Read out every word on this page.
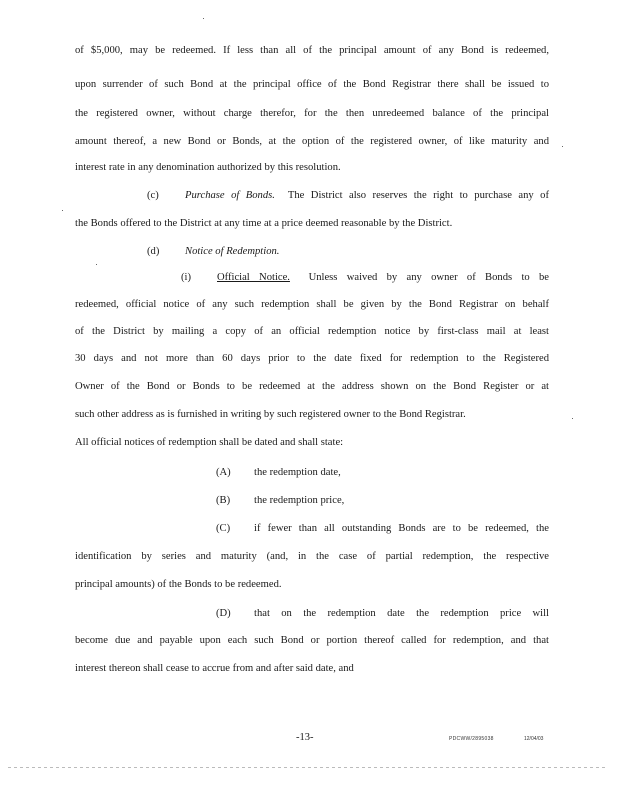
of $5,000, may be redeemed. If less than all of the principal amount of any Bond is redeemed,
upon surrender of such Bond at the principal office of the Bond Registrar there shall be issued to
the registered owner, without charge therefor, for the then unredeemed balance of the principal
amount thereof, a new Bond or Bonds, at the option of the registered owner, of like maturity and
interest rate in any denomination authorized by this resolution.
(c) Purchase of Bonds. The District also reserves the right to purchase any of
the Bonds offered to the District at any time at a price deemed reasonable by the District.
(d) Notice of Redemption.
(i) Official Notice. Unless waived by any owner of Bonds to be
redeemed, official notice of any such redemption shall be given by the Bond Registrar on behalf
of the District by mailing a copy of an official redemption notice by first-class mail at least
30 days and not more than 60 days prior to the date fixed for redemption to the Registered
Owner of the Bond or Bonds to be redeemed at the address shown on the Bond Register or at
such other address as is furnished in writing by such registered owner to the Bond Registrar.
All official notices of redemption shall be dated and shall state:
(A) the redemption date,
(B) the redemption price,
(C) if fewer than all outstanding Bonds are to be redeemed, the
identification by series and maturity (and, in the case of partial redemption, the respective
principal amounts) of the Bonds to be redeemed.
(D) that on the redemption date the redemption price will
become due and payable upon each such Bond or portion thereof called for redemption, and that
interest thereon shall cease to accrue from and after said date, and
-13-	PDCWW/2895038	12/04/03
